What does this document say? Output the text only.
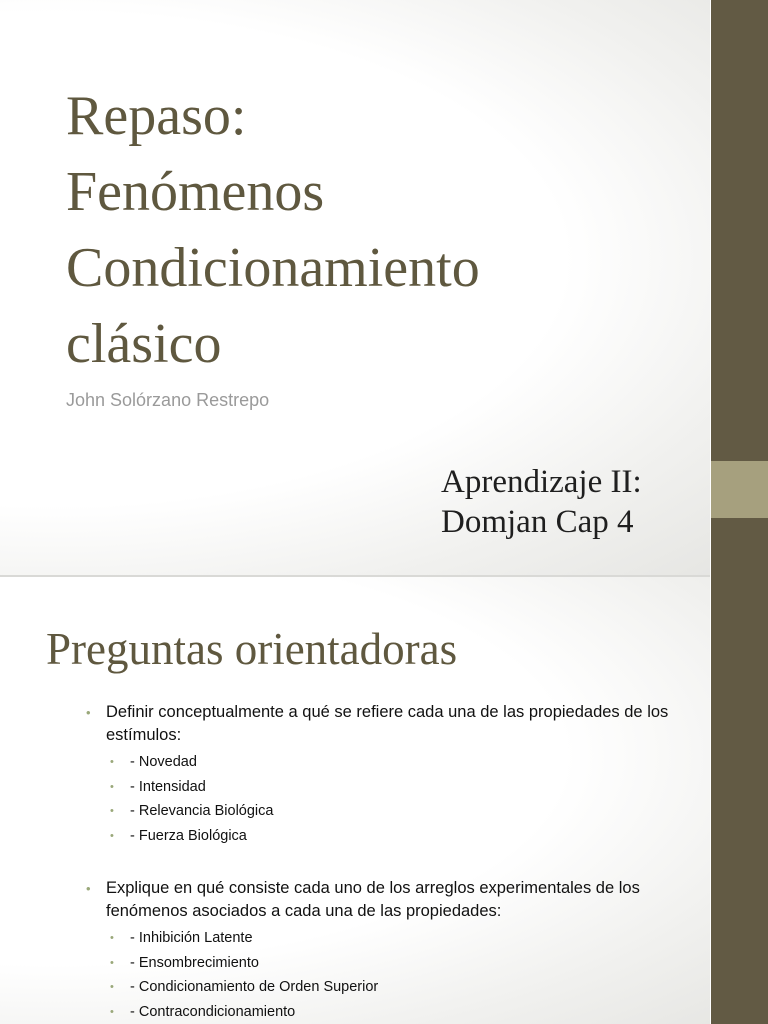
Repaso:
Fenómenos
Condicionamiento
clásico
John Solórzano Restrepo
Aprendizaje II:
Domjan Cap 4
Preguntas orientadoras
• Definir conceptualmente a qué se refiere cada una de las propiedades de los estímulos:
• - Novedad
• - Intensidad
• - Relevancia Biológica
• - Fuerza Biológica
• Explique en qué consiste cada uno de los arreglos experimentales de los fenómenos asociados a cada una de las propiedades:
• - Inhibición Latente
• - Ensombrecimiento
• - Condicionamiento de Orden Superior
• - Contracondicionamiento
